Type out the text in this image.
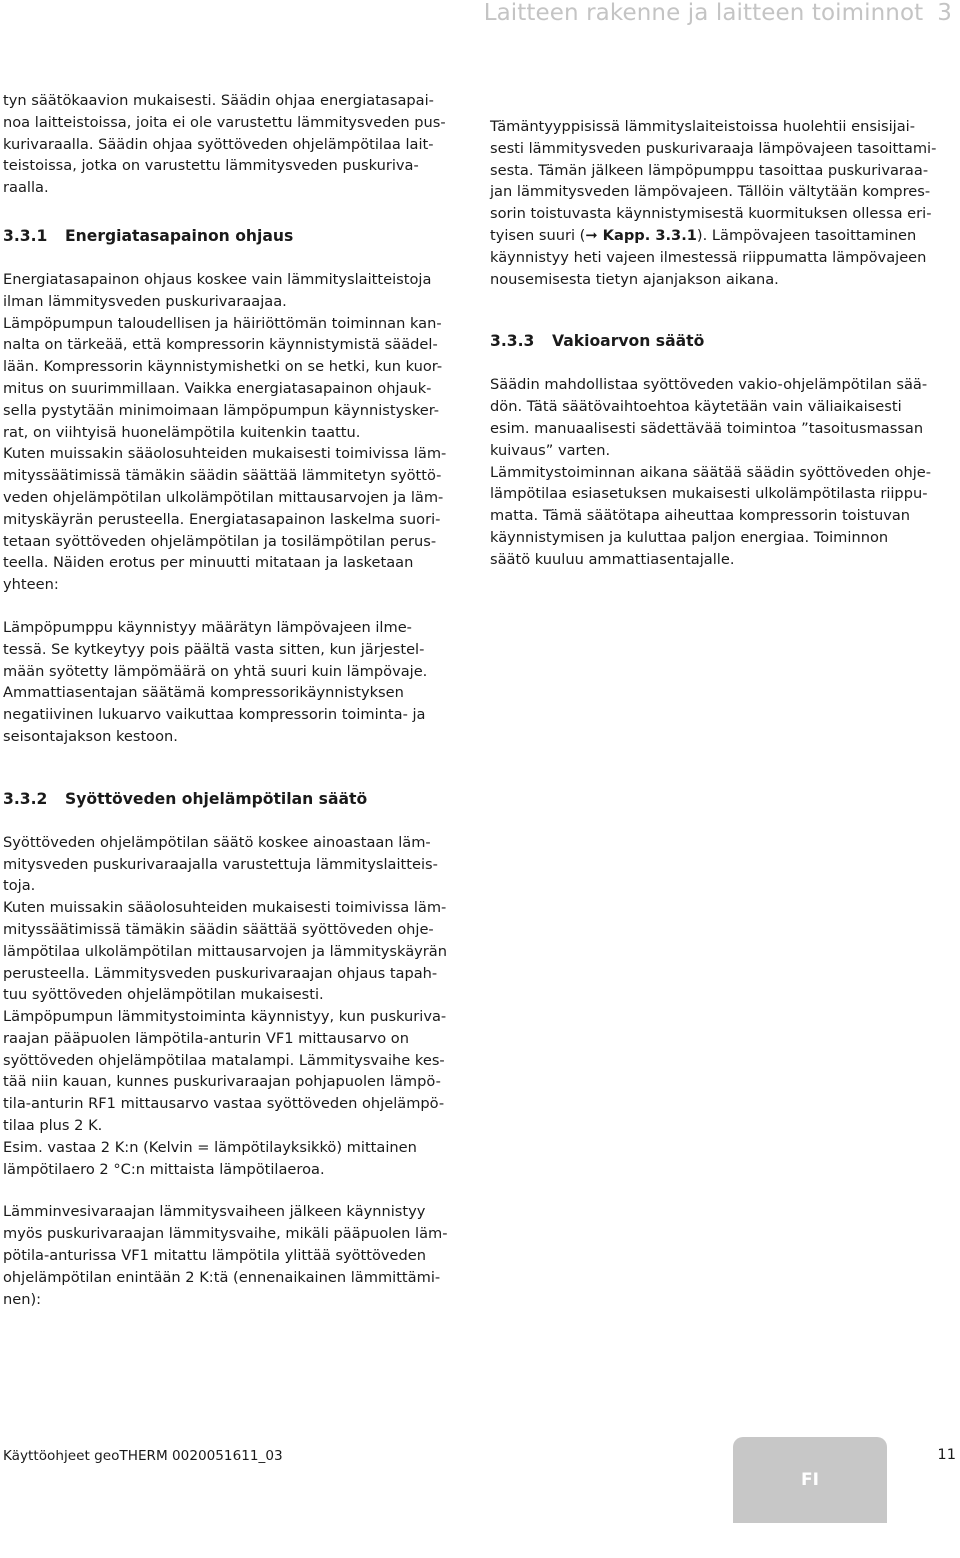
Laitteen rakenne ja laitteen toiminnot 3

tyn säätökaavion mukaisesti. Säädin ohjaa energiatasapai-
noa laitteistoissa, joita ei ole varustettu lämmitysveden pus-
kurivaraalla. Säädin ohjaa syöttöveden ohjelämpötilaa lait-
teistoissa, jotka on varustettu lämmitysveden puskuriva-
raalla.

3.3.1 Energiatasapainon ohjaus

Energiatasapainon ohjaus koskee vain lämmityslaitteistoja
ilman lämmitysveden puskurivaraajaa.
Lämpöpumpun taloudellisen ja häiriöttömän toiminnan kan-
nalta on tärkeää, että kompressorin käynnistymistä säädel-
lään. Kompressorin käynnistymishetki on se hetki, kun kuor-
mitus on suurimmillaan. Vaikka energiatasapainon ohjauk-
sella pystytään minimoimaan lämpöpumpun käynnistysker-
rat, on viihtyisä huonelämpötila kuitenkin taattu.
Kuten muissakin sääolosuhteiden mukaisesti toimivissa läm-
mityssäätimissä tämäkin säädin säättää lämmitetyn syöttö-
veden ohjelämpötilan ulkolämpötilan mittausarvojen ja läm-
mityskäyrän perusteella. Energiatasapainon laskelma suori-
tetaan syöttöveden ohjelämpötilan ja tosilämpötilan perus-
teella. Näiden erotus per minuutti mitataan ja lasketaan
yhteen:

Lämpöpumppu käynnistyy määrätyn lämpövajeen ilme-
tessä. Se kytkeytyy pois päältä vasta sitten, kun järjestel-
mään syötetty lämpömäärä on yhtä suuri kuin lämpövaje.
Ammattiasentajan säätämä kompressorikäynnistyksen
negatiivinen lukuarvo vaikuttaa kompressorin toiminta- ja
seisontajakson kestoon.

3.3.2 Syöttöveden ohjelämpötilan säätö

Syöttöveden ohjelämpötilan säätö koskee ainoastaan läm-
mitysveden puskurivaraajalla varustettuja lämmityslaitteis-
toja.
Kuten muissakin sääolosuhteiden mukaisesti toimivissa läm-
mityssäätimissä tämäkin säädin säättää syöttöveden ohje-
lämpötilaa ulkolämpötilan mittausarvojen ja lämmityskäyrän
perusteella. Lämmitysveden puskurivaraajan ohjaus tapah-
tuu syöttöveden ohjelämpötilan mukaisesti.
Lämpöpumpun lämmitystoiminta käynnistyy, kun puskuriva-
raajan pääpuolen lämpötila-anturin VF1 mittausarvo on
syöttöveden ohjelämpötilaa matalampi. Lämmitysvaihe kes-
tää niin kauan, kunnes puskurivaraajan pohjapuolen lämpö-
tila-anturin RF1 mittausarvo vastaa syöttöveden ohjelämpö-
tilaa plus 2 K.
Esim. vastaa 2 K:n (Kelvin = lämpötilayksikkö) mittainen
lämpötilaero 2 °C:n mittaista lämpötilaeroa.

Lämminvesivaraajan lämmitysvaiheen jälkeen käynnistyy
myös puskurivaraajan lämmitysvaihe, mikäli pääpuolen läm-
pötila-anturissa VF1 mitattu lämpötila ylittää syöttöveden
ohjelämpötilan enintään 2 K:tä (ennenaikainen lämmittämi-
nen):

Tämäntyyppisissä lämmityslaiteistoissa huolehtii ensisijai-
sesti lämmitysveden puskurivaraaja lämpövajeen tasoittami-
sesta. Tämän jälkeen lämpöpumppu tasoittaa puskurivaraa-
jan lämmitysveden lämpövajeen. Tällöin vältytään kompres-
sorin toistuvasta käynnistymisestä kuormituksen ollessa eri-
tyisen suuri (➞ Kapp. 3.3.1). Lämpövajeen tasoittaminen
käynnistyy heti vajeen ilmestessä riippumatta lämpövajeen
nousemisesta tietyn ajanjakson aikana.

3.3.3 Vakioarvon säätö

Säädin mahdollistaa syöttöveden vakio-ohjelämpötilan sää-
dön. Tätä säätövaihtoehtoa käytetään vain väliaikaisesti
esim. manuaalisesti sädettävää toimintoa ”tasoitusmassan
kuivaus” varten.
Lämmitystoiminnan aikana säätää säädin syöttöveden ohje-
lämpötilaa esiasetuksen mukaisesti ulkolämpötilasta riippu-
matta. Tämä säätötapa aiheuttaa kompressorin toistuvan
käynnistymisen ja kuluttaa paljon energiaa. Toiminnon
säätö kuuluu ammattiasentajalle.

Käyttöohjeet geoTHERM 0020051611_03
FI
11
